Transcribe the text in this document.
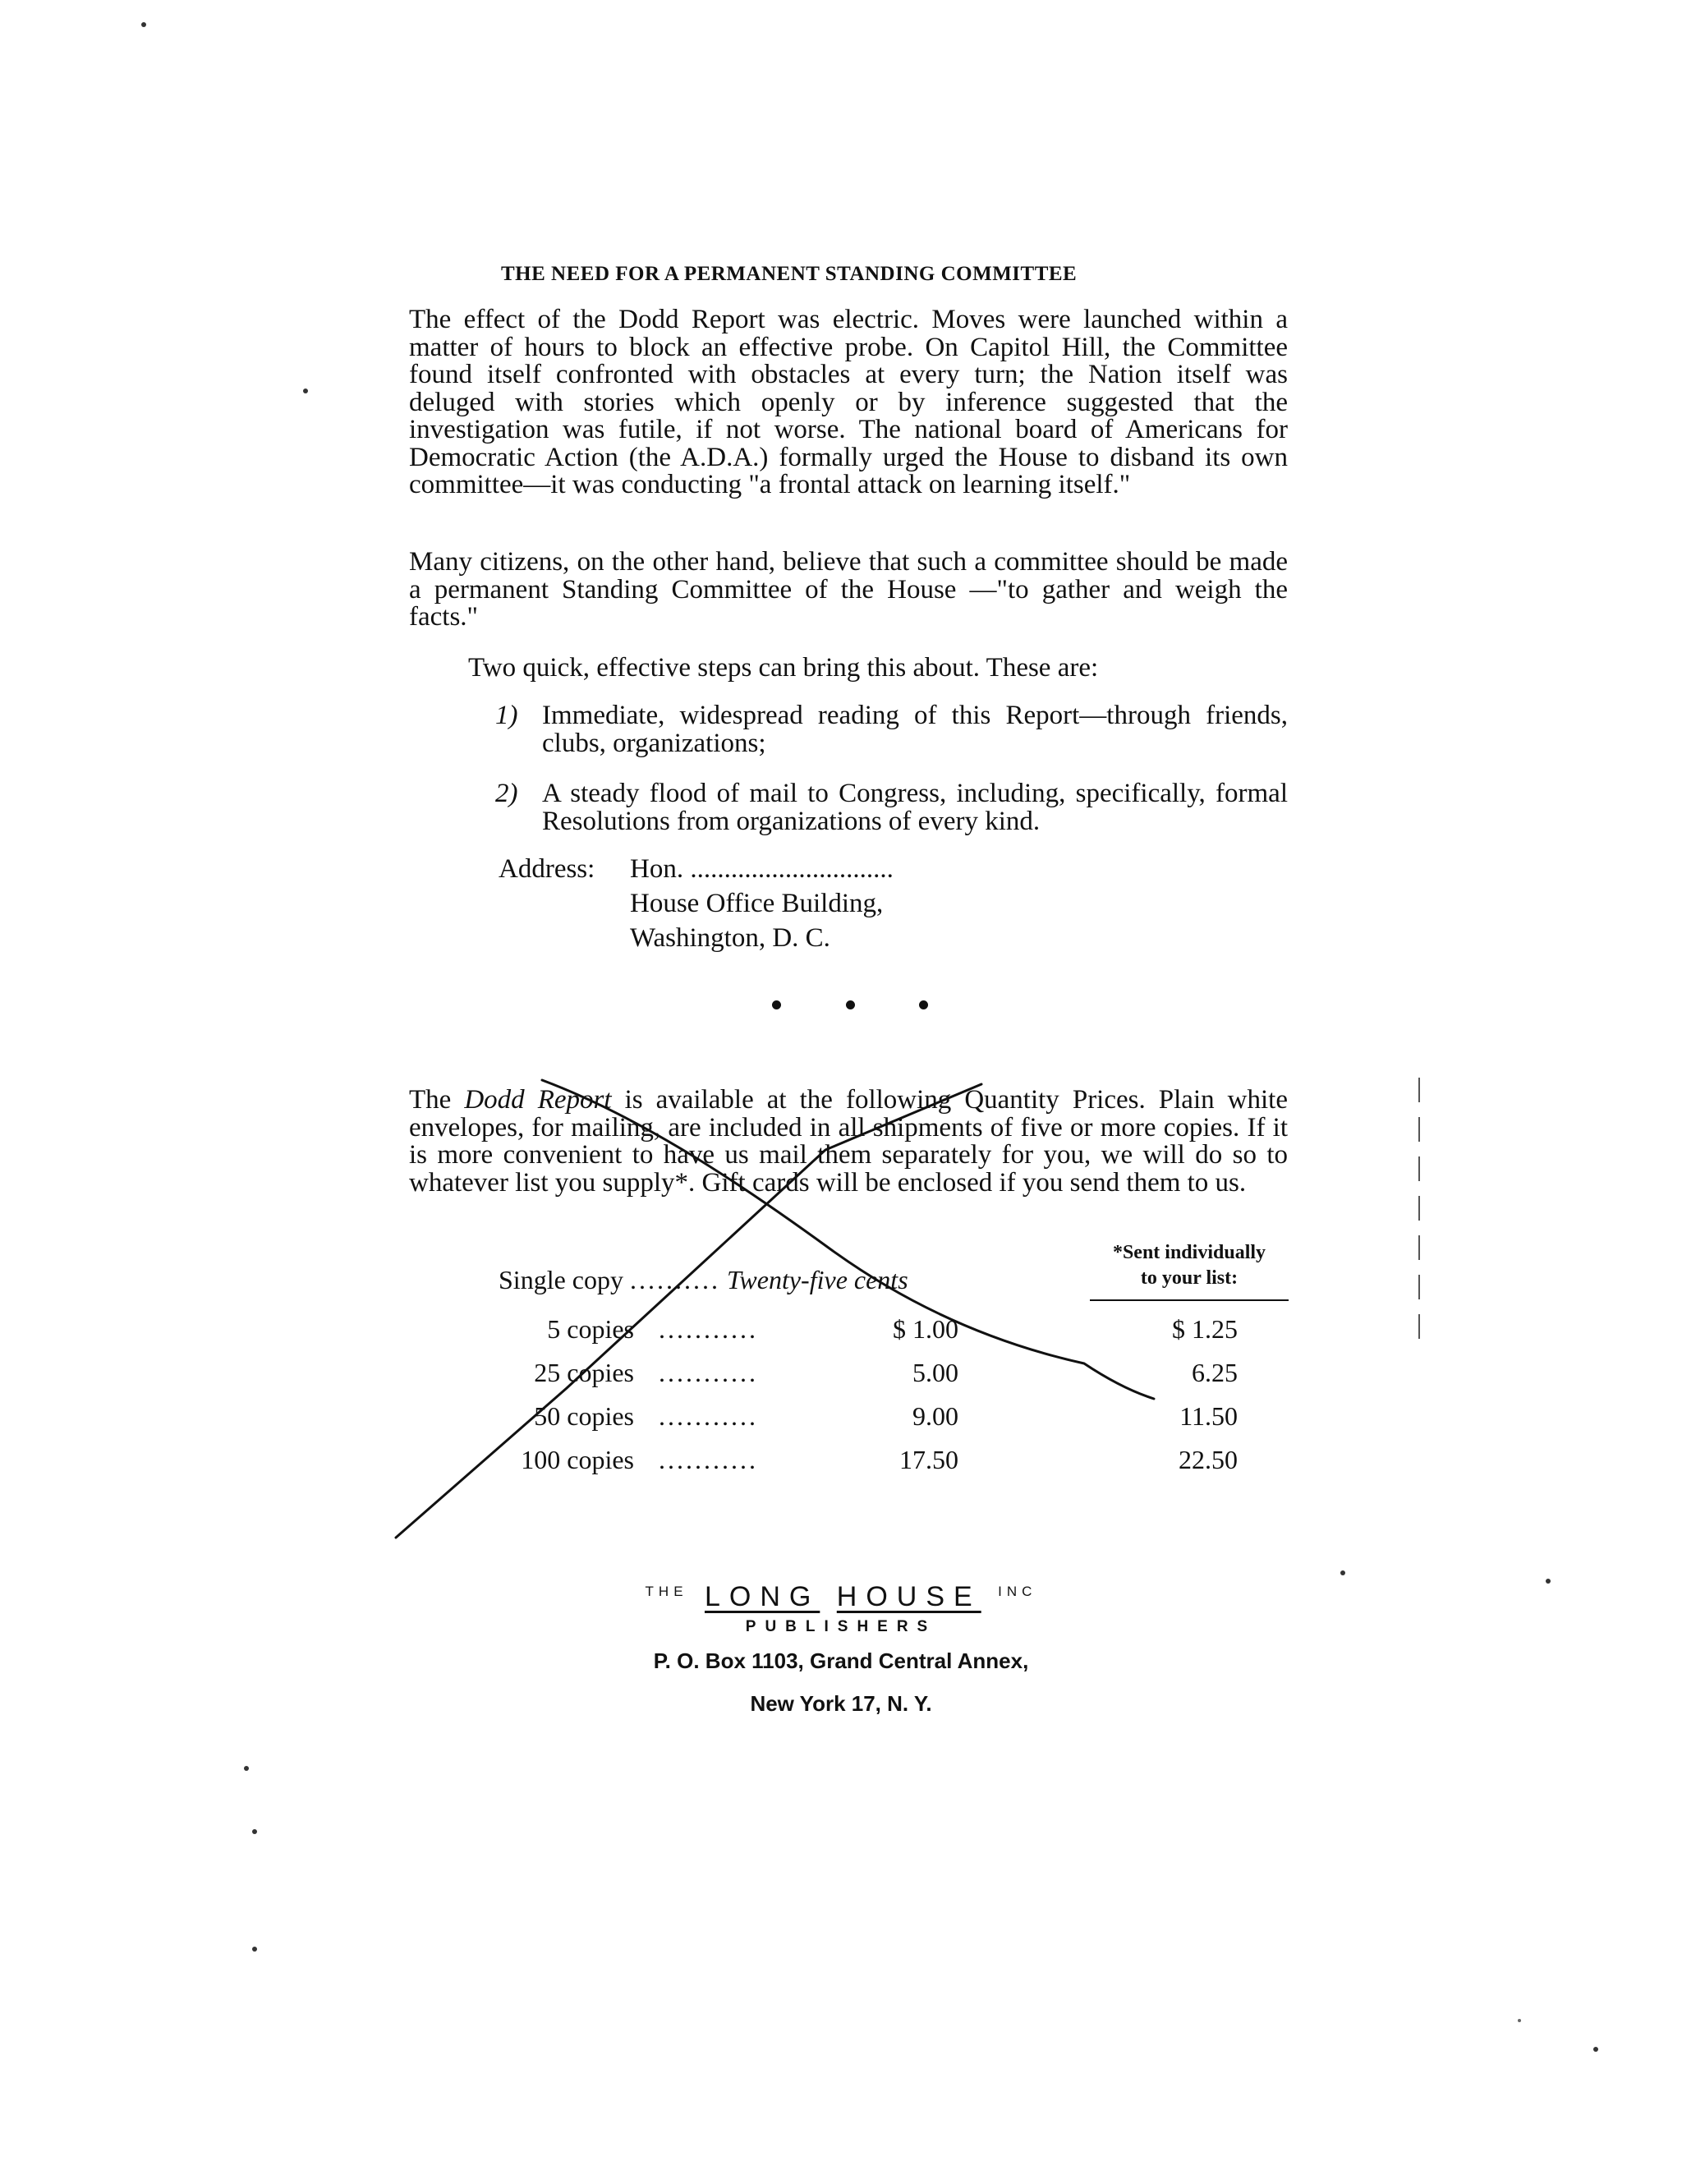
THE NEED FOR A PERMANENT STANDING COMMITTEE

The effect of the Dodd Report was electric. Moves were launched within a matter of hours to block an effective probe. On Capitol Hill, the Committee found itself confronted with obstacles at every turn; the Nation itself was deluged with stories which openly or by inference suggested that the investigation was futile, if not worse. The national board of Americans for Democratic Action (the A.D.A.) formally urged the House to disband its own committee—it was conducting "a frontal attack on learning itself."

Many citizens, on the other hand, believe that such a committee should be made a permanent Standing Committee of the House —"to gather and weigh the facts."

Two quick, effective steps can bring this about. These are:

1) Immediate, widespread reading of this Report—through friends, clubs, organizations;
2) A steady flood of mail to Congress, including, specifically, formal Resolutions from organizations of every kind.
Address: Hon. ..............................
House Office Building,
Washington, D. C.

The Dodd Report is available at the following Quantity Prices. Plain white envelopes, for mailing, are included in all shipments of five or more copies. If it is more convenient to have us mail them separately for you, we will do so to whatever list you supply*. Gift cards will be enclosed if you send them to us.

*Sent individually
to your list:
Single copy .......... Twenty-five cents
5 copies ...........	$ 1.00	$ 1.25
25 copies ...........	5.00	6.25
50 copies ...........	9.00	11.50
100 copies ...........	17.50	22.50
$^{THE}$ LONG HOUSE $^{INC}$
PUBLISHERS
P. O. Box 1103, Grand Central Annex,
New York 17, N. Y.
